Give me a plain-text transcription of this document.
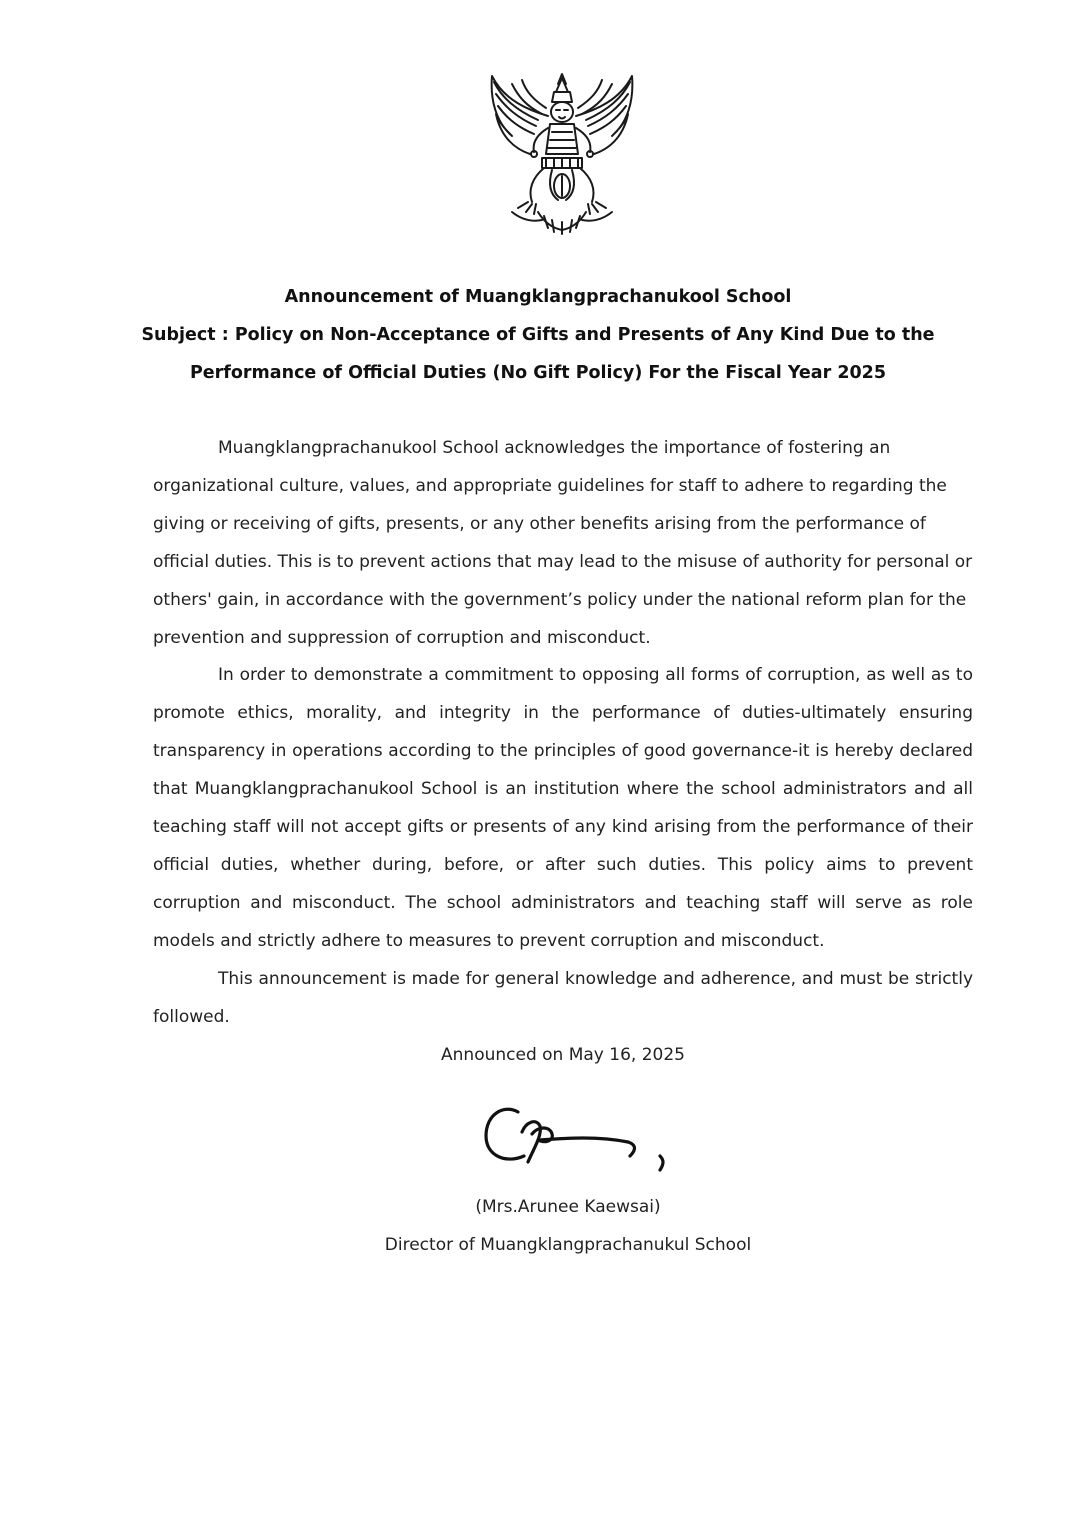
Announcement of Muangklangprachanukool School
Subject : Policy on Non-Acceptance of Gifts and Presents of Any Kind Due to the
Performance of Official Duties (No Gift Policy) For the Fiscal Year 2025

Muangklangprachanukool School acknowledges the importance of fostering an organizational culture, values, and appropriate guidelines for staff to adhere to regarding the giving or receiving of gifts, presents, or any other benefits arising from the performance of official duties. This is to prevent actions that may lead to the misuse of authority for personal or others' gain, in accordance with the government’s policy under the national reform plan for the prevention and suppression of corruption and misconduct.

In order to demonstrate a commitment to opposing all forms of corruption, as well as to promote ethics, morality, and integrity in the performance of duties-ultimately ensuring transparency in operations according to the principles of good governance-it is hereby declared that Muangklangprachanukool School is an institution where the school administrators and all teaching staff will not accept gifts or presents of any kind arising from the performance of their official duties, whether during, before, or after such duties. This policy aims to prevent corruption and misconduct. The school administrators and teaching staff will serve as role models and strictly adhere to measures to prevent corruption and misconduct.

This announcement is made for general knowledge and adherence, and must be strictly followed.

Announced on May 16, 2025
(Mrs.Arunee Kaewsai)
Director of Muangklangprachanukul School
